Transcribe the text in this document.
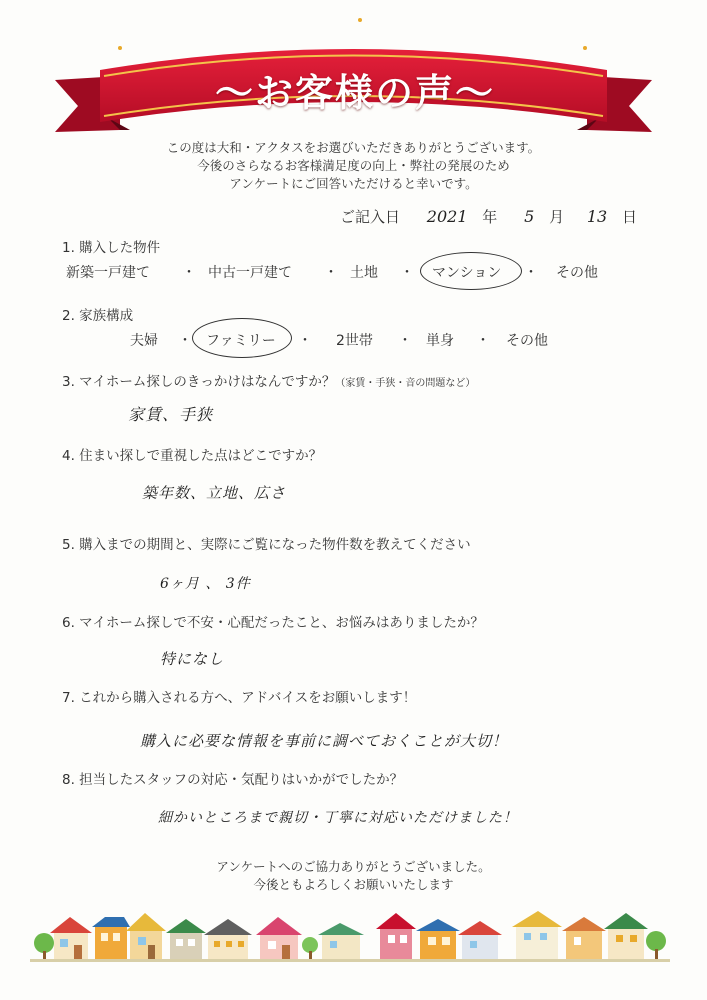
〜お客様の声〜
この度は大和・アクタスをお選びいただきありがとうございます。
今後のさらなるお客様満足度の向上・弊社の発展のため
アンケートにご回答いただけると幸いです。
ご記入日 2021 年 5 月 13 日
1. 購入した物件
新築一戸建て ・ 中古一戸建て ・ 土地 ・ マンション ・ その他
2. 家族構成
夫婦 ・ ファミリー ・ 2世帯 ・ 単身 ・ その他
3. マイホーム探しのきっかけはなんですか？（家賃・手狭・音の問題など）
家賃、手狭
4. 住まい探しで重視した点はどこですか？
築年数、立地、広さ
5. 購入までの期間と、実際にご覧になった物件数を教えてください
6ヶ月 、 3件
6. マイホーム探しで不安・心配だったこと、お悩みはありましたか？
特になし
7. これから購入される方へ、アドバイスをお願いします！
購入に必要な情報を事前に調べておくことが大切！
8. 担当したスタッフの対応・気配りはいかがでしたか？
細かいところまで親切・丁寧に対応いただけました！
アンケートへのご協力ありがとうございました。
今後ともよろしくお願いいたします
